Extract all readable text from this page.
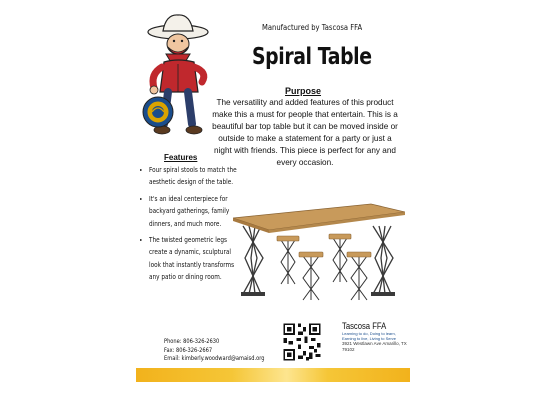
Manufactured by Tascosa FFA
Spiral Table
Purpose
The versatility and added features of this product make this a must for people that entertain. This is a beautiful bar top table but it can be moved inside or outside to make a statement for a party or just a night with friends. This piece is perfect for any and every occasion.
Features
• Four spiral stools to match the aesthetic design of the table.
• It's an ideal centerpiece for backyard gatherings, family dinners, and much more.
• The twisted geometric legs create a dynamic, sculptural look that instantly transforms any patio or dining room.
Phone: 806-326-2630
Fax: 806-326-2667
Email: kimberly.woodward@amaisd.org
Tascosa FFA
Learning to do, Doing to learn, Earning to live, Living to Serve
3921 Westlawn Ave Amarillo, TX 79102
